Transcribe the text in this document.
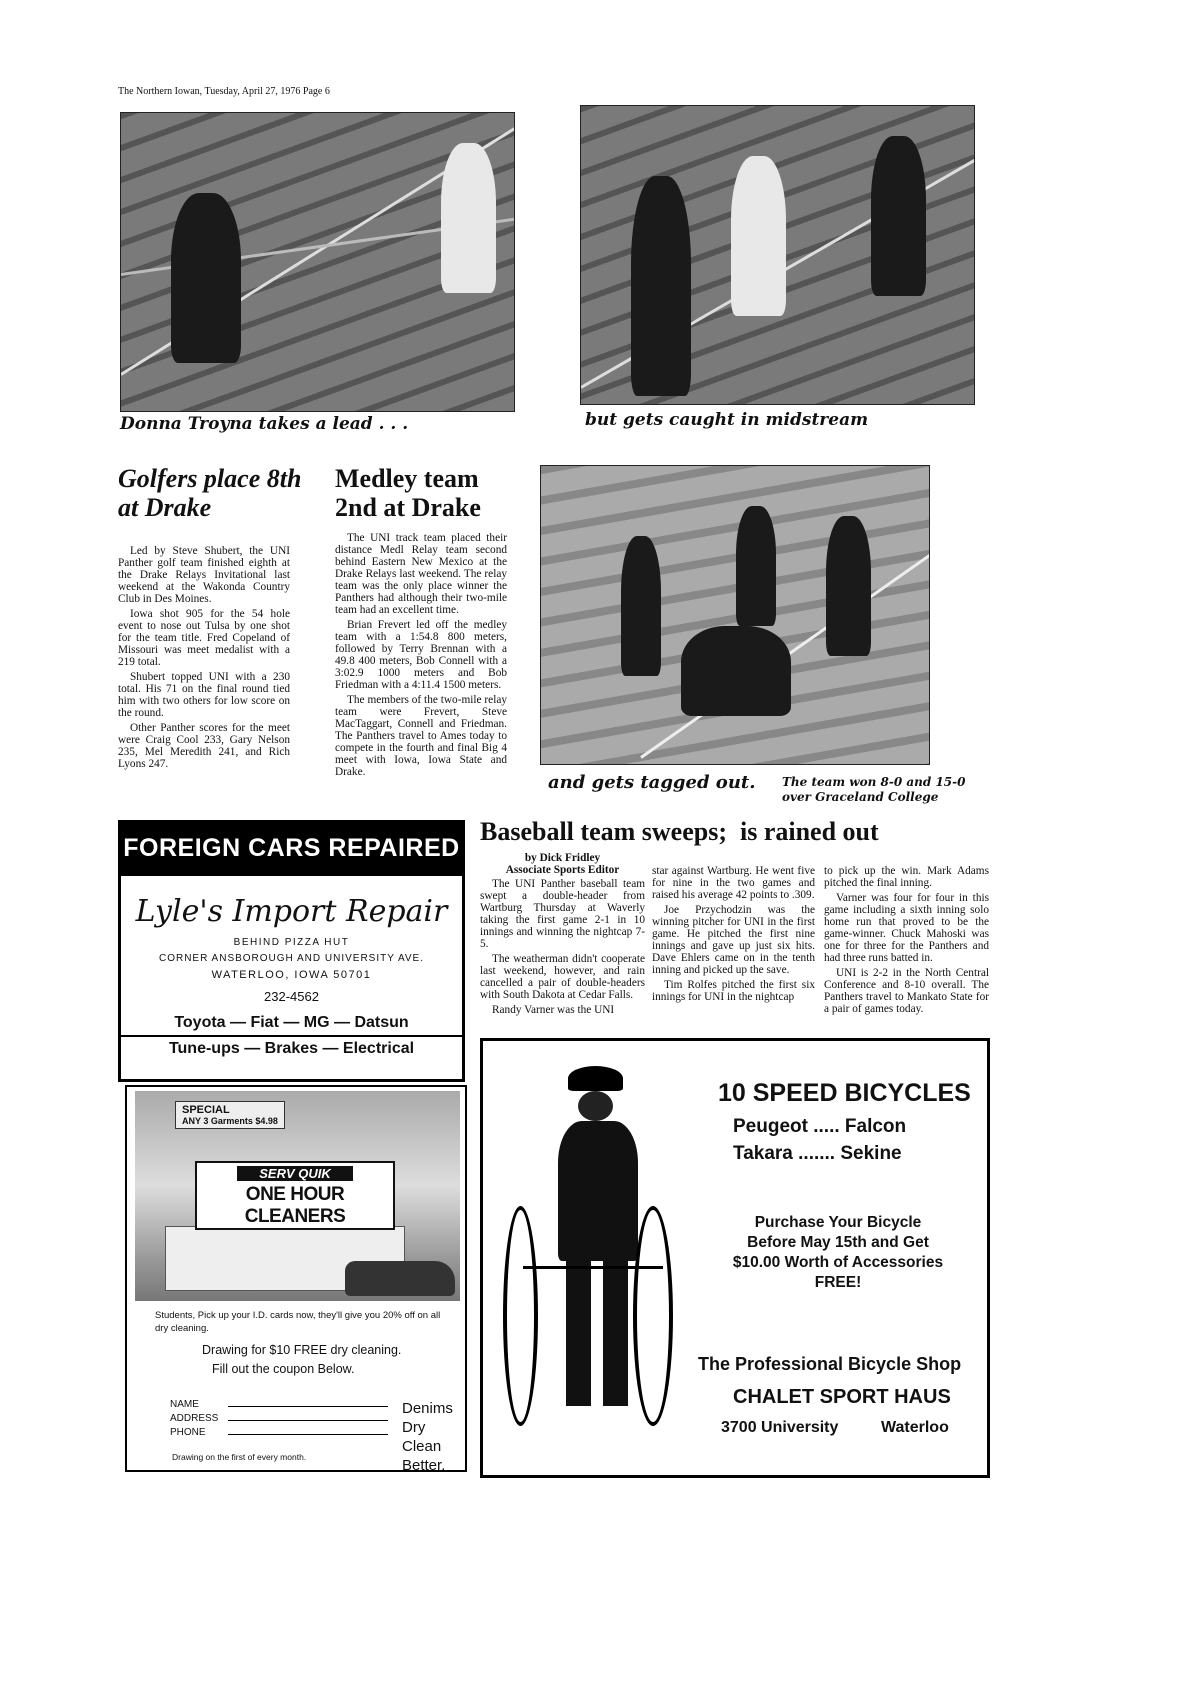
The Northern Iowan, Tuesday, April 27, 1976 Page 6
Donna Troyna takes a lead . . .	but gets caught in midstream
Golfers place 8th at Drake

Led by Steve Shubert, the UNI Panther golf team finished eighth at the Drake Relays Invitational last weekend at the Wakonda Country Club in Des Moines.

Iowa shot 905 for the 54 hole event to nose out Tulsa by one shot for the team title. Fred Copeland of Missouri was meet medalist with a 219 total.

Shubert topped UNI with a 230 total. His 71 on the final round tied him with two others for low score on the round.

Other Panther scores for the meet were Craig Cool 233, Gary Nelson 235, Mel Meredith 241, and Rich Lyons 247.

Medley team 2nd at Drake

The UNI track team placed their distance Medl Relay team second behind Eastern New Mexico at the Drake Relays last weekend. The relay team was the only place winner the Panthers had although their two-mile team had an excellent time.

Brian Frevert led off the medley team with a 1:54.8 800 meters, followed by Terry Brennan with a 49.8 400 meters, Bob Connell with a 3:02.9 1000 meters and Bob Friedman with a 4:11.4 1500 meters.

The members of the two-mile relay team were Frevert, Steve MacTaggart, Connell and Friedman. The Panthers travel to Ames today to compete in the fourth and final Big 4 meet with Iowa, Iowa State and Drake.	and gets tagged out. The team won 8-0 and 15-0 over Graceland College
Baseball team sweeps;  is rained out
by Dick Fridley
Associate Sports Editor

The UNI Panther baseball team swept a double-header from Wartburg Thursday at Waverly taking the first game 2-1 in 10 innings and winning the nightcap 7-5.

The weatherman didn't cooperate last weekend, however, and rain cancelled a pair of double-headers with South Dakota at Cedar Falls.

Randy Varner was the UNI

star against Wartburg. He went five for nine in the two games and raised his average 42 points to .309.

Joe Przychodzin was the winning pitcher for UNI in the first game. He pitched the first nine innings and gave up just six hits. Dave Ehlers came on in the tenth inning and picked up the save.

Tim Rolfes pitched the first six innings for UNI in the nightcap

to pick up the win. Mark Adams pitched the final inning.

Varner was four for four in this game including a sixth inning solo home run that proved to be the game-winner. Chuck Mahoski was one for three for the Panthers and had three runs batted in.

UNI is 2-2 in the North Central Conference and 8-10 overall. The Panthers travel to Mankato State for a pair of games today.

FOREIGN CARS REPAIRED
Lyle's Import Repair
BEHIND PIZZA HUT
CORNER ANSBOROUGH AND UNIVERSITY AVE.
WATERLOO, IOWA 50701
232-4562
Toyota — Fiat — MG — Datsun
Tune-ups — Brakes — Electrical
SPECIAL
ANY 3 Garments $4.98
SERV QUIK
ONE HOUR CLEANERS
Students, Pick up your I.D. cards now, they'll give you 20% off on all dry cleaning.
Drawing for $10 FREE dry cleaning.
Fill out the coupon Below.
NAME
ADDRESS
PHONE
Denims
Dry Clean
Better.
Drawing on the first of every month.
10 SPEED BICYCLES
Peugeot ..... Falcon
Takara ....... Sekine
Purchase Your Bicycle
Before May 15th and Get
$10.00 Worth of Accessories
FREE!
The Professional Bicycle Shop
CHALET SPORT HAUS
3700 University	Waterloo
